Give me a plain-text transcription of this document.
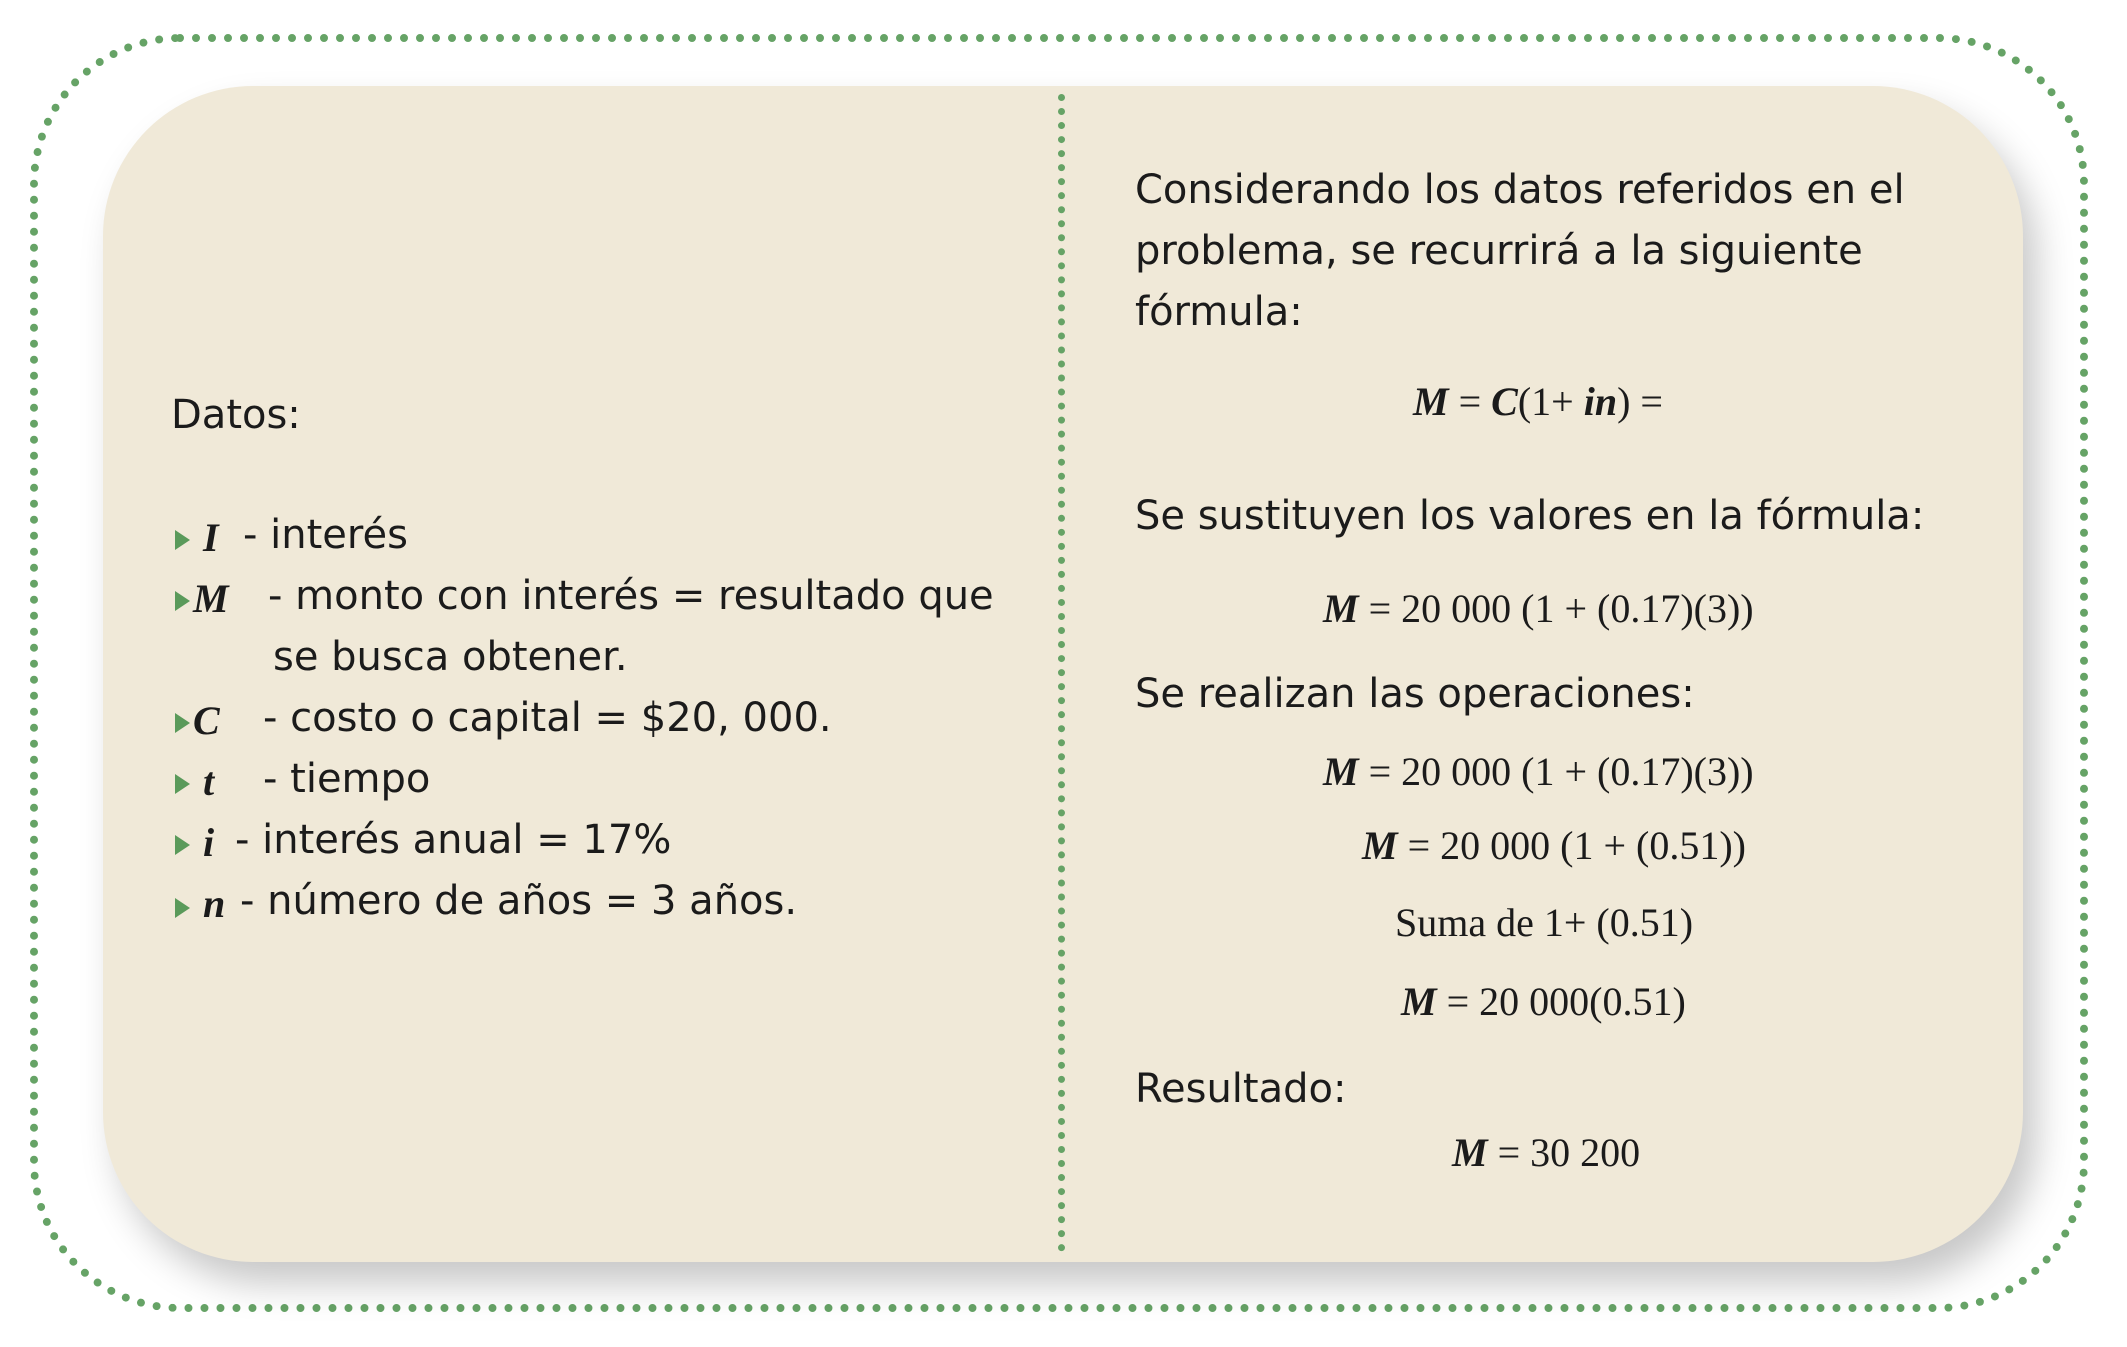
Datos:
I - interés
M - monto con interés = resultado que
se busca obtener.
C - costo o capital = $20, 000.
t - tiempo
i - interés anual = 17%
n - número de años = 3 años.
Considerando los datos referidos en el
problema, se recurrirá a la siguiente
fórmula:
M = C(1+ in) =
Se sustituyen los valores en la fórmula:
M = 20 000 (1 + (0.17)(3))
Se realizan las operaciones:
M = 20 000 (1 + (0.17)(3))
M = 20 000 (1 + (0.51))
Suma de 1+ (0.51)
M = 20 000(0.51)
Resultado:
M = 30 200
